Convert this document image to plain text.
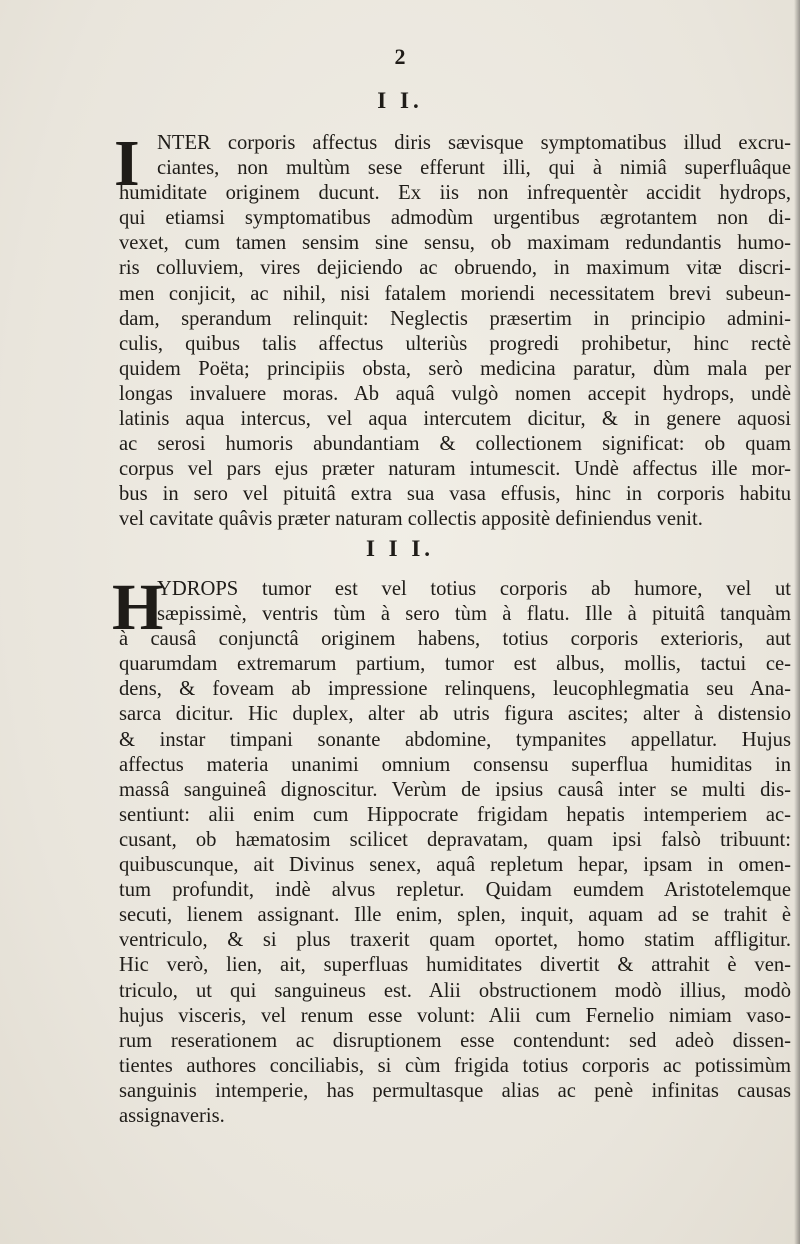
2
I I.
I NTER corporis affectus diris sævisque symptomatibus illud excru-
ciantes, non multùm sese efferunt illi, qui à nimiâ superfluâque
humiditate originem ducunt. Ex iis non infrequentèr accidit hydrops,
qui etiamsi symptomatibus admodùm urgentibus ægrotantem non di-
vexet, cum tamen sensim sine sensu, ob maximam redundantis humo-
ris colluviem, vires dejiciendo ac obruendo, in maximum vitæ discri-
men conjicit, ac nihil, nisi fatalem moriendi necessitatem brevi subeun-
dam, sperandum relinquit: Neglectis præsertim in principio admini-
culis, quibus talis affectus ulteriùs progredi prohibetur, hinc rectè
quidem Poëta; principiis obsta, serò medicina paratur, dùm mala per
longas invaluere moras. Ab aquâ vulgò nomen accepit hydrops, undè
latinis aqua intercus, vel aqua intercutem dicitur, & in genere aquosi
ac serosi humoris abundantiam & collectionem significat: ob quam
corpus vel pars ejus præter naturam intumescit. Undè affectus ille mor-
bus in sero vel pituitâ extra sua vasa effusis, hinc in corporis habitu
vel cavitate quâvis præter naturam collectis appositè definiendus venit.
I I I.
H
YDROPS tumor est vel totius corporis ab humore, vel ut
sæpissimè, ventris tùm à sero tùm à flatu. Ille à pituitâ tanquàm
à causâ conjunctâ originem habens, totius corporis exterioris, aut
quarumdam extremarum partium, tumor est albus, mollis, tactui ce-
dens, & foveam ab impressione relinquens, leucophlegmatia seu Ana-
sarca dicitur. Hic duplex, alter ab utris figura ascites; alter à distensio
& instar timpani sonante abdomine, tympanites appellatur. Hujus
affectus materia unanimi omnium consensu superflua humiditas in
massâ sanguineâ dignoscitur. Verùm de ipsius causâ inter se multi dis-
sentiunt: alii enim cum Hippocrate frigidam hepatis intemperiem ac-
cusant, ob hæmatosim scilicet depravatam, quam ipsi falsò tribuunt:
quibuscunque, ait Divinus senex, aquâ repletum hepar, ipsam in omen-
tum profundit, indè alvus repletur. Quidam eumdem Aristotelemque
secuti, lienem assignant. Ille enim, splen, inquit, aquam ad se trahit è
ventriculo, & si plus traxerit quam oportet, homo statim affligitur.
Hic verò, lien, ait, superfluas humiditates divertit & attrahit è ven-
triculo, ut qui sanguineus est. Alii obstructionem modò illius, modò
hujus visceris, vel renum esse volunt: Alii cum Fernelio nimiam vaso-
rum reserationem ac disruptionem esse contendunt: sed adeò dissen-
tientes authores conciliabis, si cùm frigida totius corporis ac potissimùm
sanguinis intemperie, has permultasque alias ac penè infinitas causas
assignaveris.
